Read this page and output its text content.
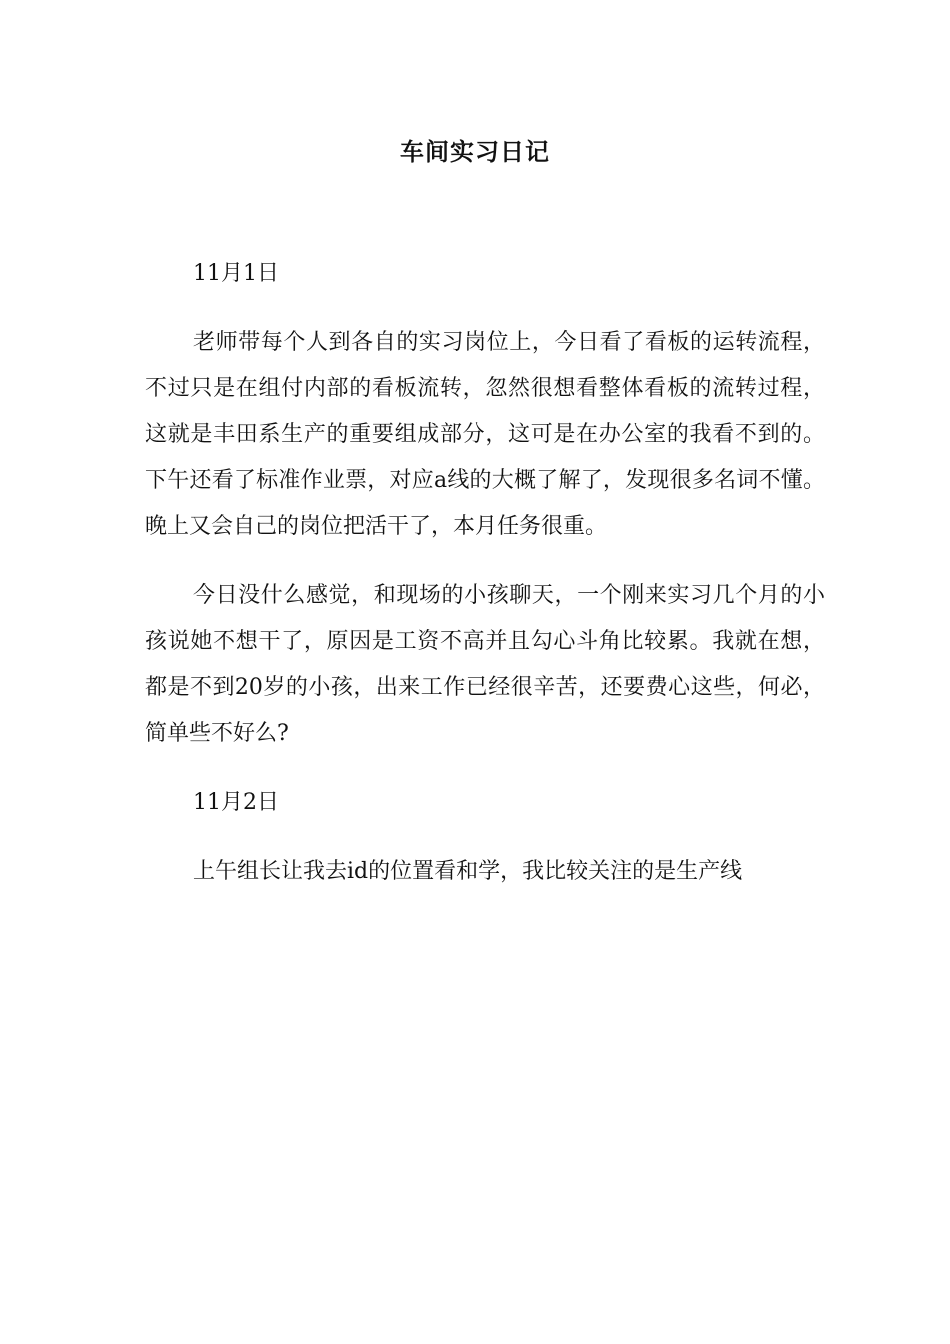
车间实习日记

11月1日

老师带每个人到各自的实习岗位上，今日看了看板的运转流程，不过只是在组付内部的看板流转，忽然很想看整体看板的流转过程，这就是丰田系生产的重要组成部分，这可是在办公室的我看不到的。下午还看了标准作业票，对应a线的大概了解了，发现很多名词不懂。晚上又会自己的岗位把活干了，本月任务很重。

今日没什么感觉，和现场的小孩聊天，一个刚来实习几个月的小孩说她不想干了，原因是工资不高并且勾心斗角比较累。我就在想，都是不到20岁的小孩，出来工作已经很辛苦，还要费心这些，何必，简单些不好么?

11月2日

上午组长让我去id的位置看和学，我比较关注的是生产线
